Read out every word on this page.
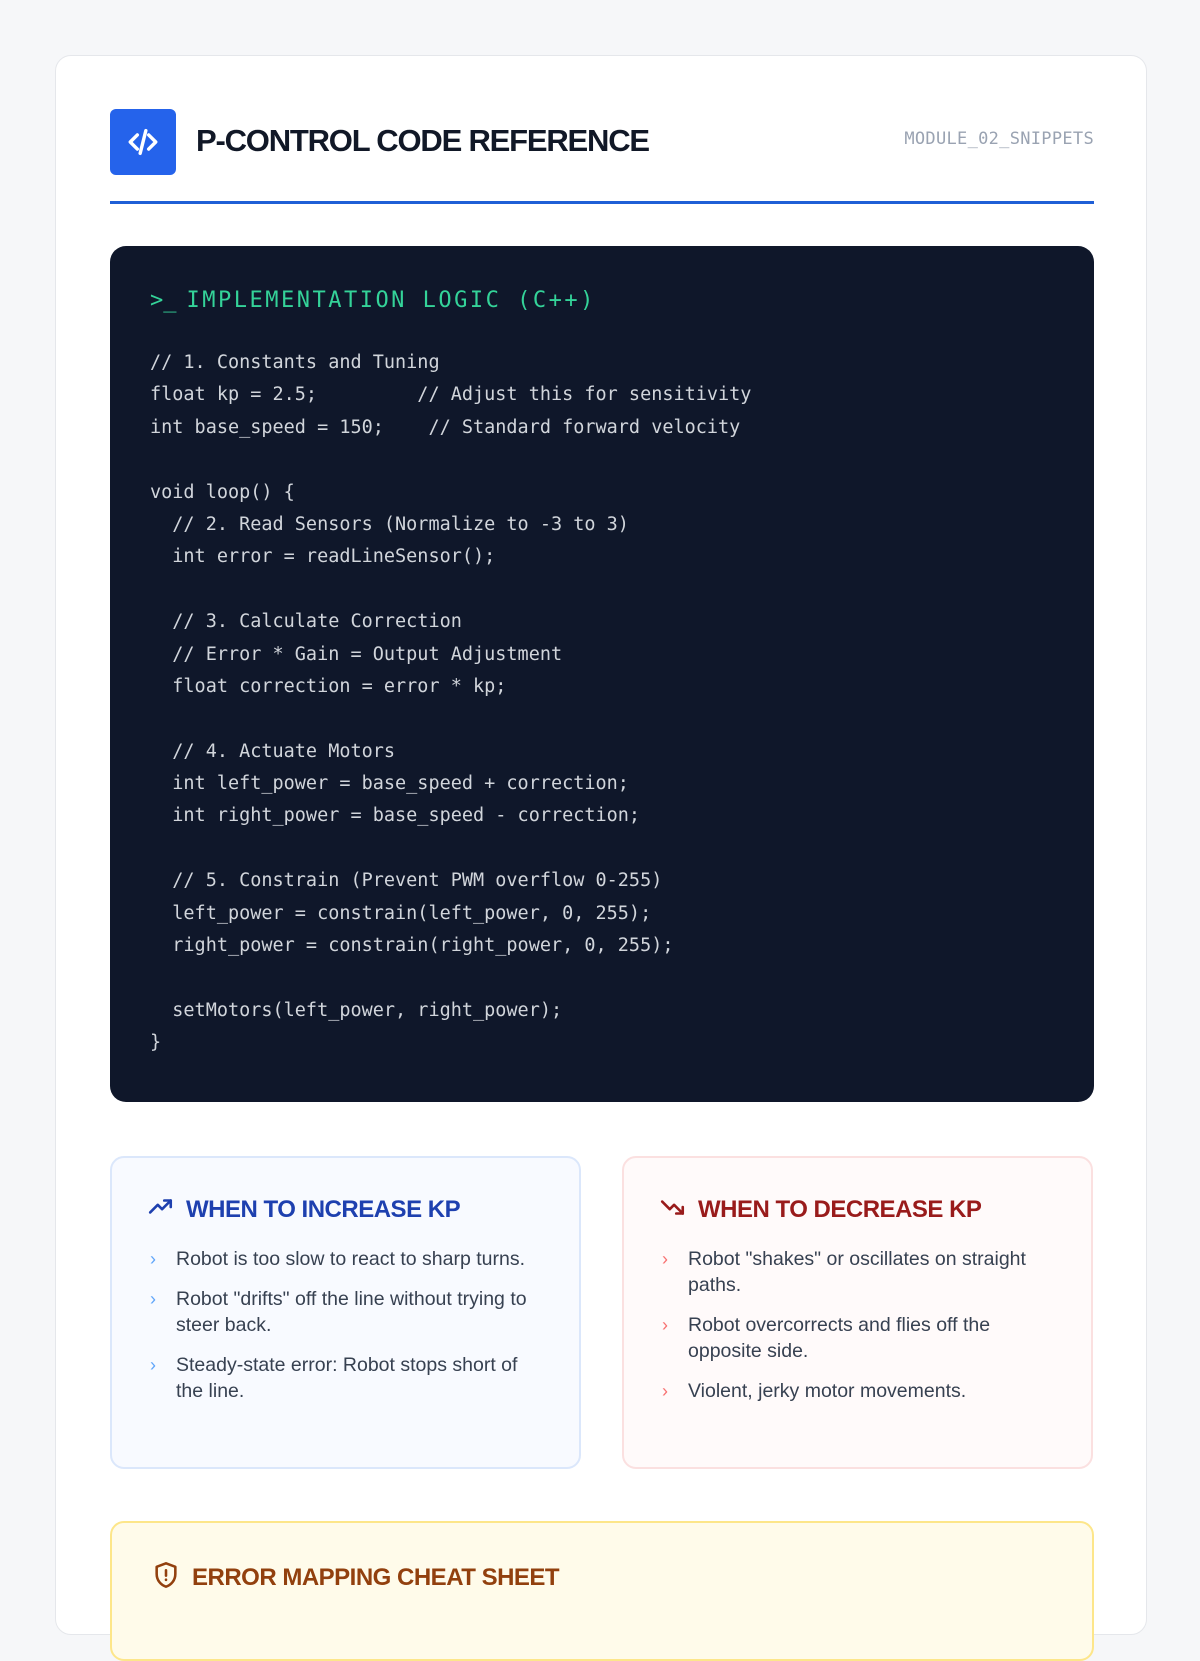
P-CONTROL CODE REFERENCE	MODULE_02_SNIPPETS
>_ IMPLEMENTATION LOGIC (C++)
// 1. Constants and Tuning
float kp = 2.5;         // Adjust this for sensitivity
int base_speed = 150;    // Standard forward velocity
void loop() {
// 2. Read Sensors (Normalize to -3 to 3)
int error = readLineSensor();
// 3. Calculate Correction
// Error * Gain = Output Adjustment
float correction = error * kp;
// 4. Actuate Motors
int left_power = base_speed + correction;
int right_power = base_speed - correction;
// 5. Constrain (Prevent PWM overflow 0-255)
left_power = constrain(left_power, 0, 255);
right_power = constrain(right_power, 0, 255);
setMotors(left_power, right_power);
}
WHEN TO INCREASE KP
›	Robot is too slow to react to sharp turns.
›	Robot "drifts" off the line without trying to steer back.
›	Steady-state error: Robot stops short of the line.
WHEN TO DECREASE KP
›	Robot "shakes" or oscillates on straight paths.
›	Robot overcorrects and flies off the opposite side.
›	Violent, jerky motor movements.
ERROR MAPPING CHEAT SHEET
